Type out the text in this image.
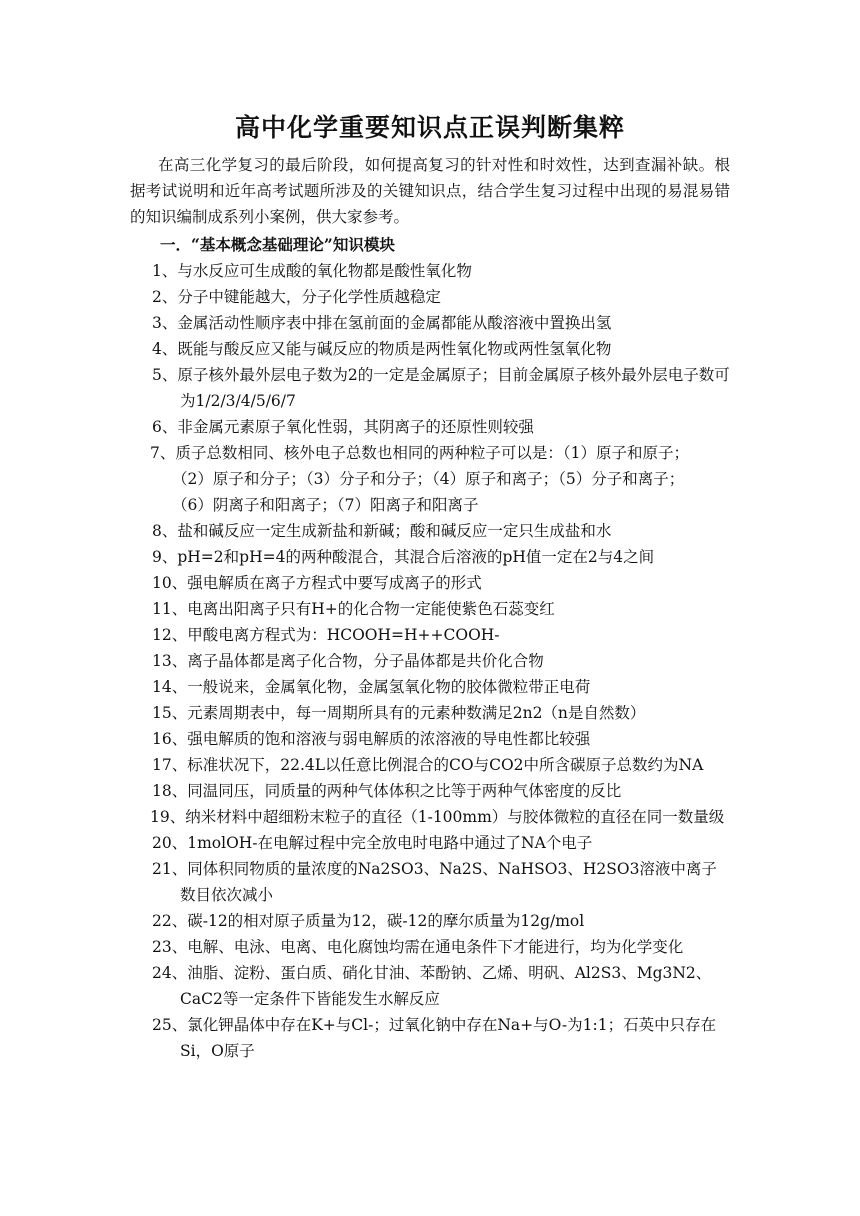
高中化学重要知识点正误判断集粹
在高三化学复习的最后阶段，如何提高复习的针对性和时效性，达到查漏补缺。根据考试说明和近年高考试题所涉及的关键知识点，结合学生复习过程中出现的易混易错的知识编制成系列小案例，供大家参考。
一．“基本概念基础理论”知识模块

1、与水反应可生成酸的氧化物都是酸性氧化物

2、分子中键能越大，分子化学性质越稳定

3、金属活动性顺序表中排在氢前面的金属都能从酸溶液中置换出氢

4、既能与酸反应又能与碱反应的物质是两性氧化物或两性氢氧化物

5、原子核外最外层电子数为2的一定是金属原子；目前金属原子核外最外层电子数可为1/2/3/4/5/6/7

6、非金属元素原子氧化性弱，其阴离子的还原性则较强

7、质子总数相同、核外电子总数也相同的两种粒子可以是：（1）原子和原子；

（2）原子和分子；（3）分子和分子；（4）原子和离子；（5）分子和离子；

（6）阴离子和阳离子；（7）阳离子和阳离子

8、盐和碱反应一定生成新盐和新碱；酸和碱反应一定只生成盐和水

9、pH=2和pH=4的两种酸混合，其混合后溶液的pH值一定在2与4之间

10、强电解质在离子方程式中要写成离子的形式

11、电离出阳离子只有H+的化合物一定能使紫色石蕊变红

12、甲酸电离方程式为：HCOOH=H++COOH-

13、离子晶体都是离子化合物，分子晶体都是共价化合物

14、一般说来，金属氧化物，金属氢氧化物的胶体微粒带正电荷

15、元素周期表中，每一周期所具有的元素种数满足2n2（n是自然数）

16、强电解质的饱和溶液与弱电解质的浓溶液的导电性都比较强

17、标准状况下，22.4L以任意比例混合的CO与CO2中所含碳原子总数约为NA

18、同温同压，同质量的两种气体体积之比等于两种气体密度的反比

19、纳米材料中超细粉末粒子的直径（1-100mm）与胶体微粒的直径在同一数量级

20、1molOH-在电解过程中完全放电时电路中通过了NA个电子

21、同体积同物质的量浓度的Na2SO3、Na2S、NaHSO3、H2SO3溶液中离子数目依次减小

22、碳-12的相对原子质量为12，碳-12的摩尔质量为12g/mol

23、电解、电泳、电离、电化腐蚀均需在通电条件下才能进行，均为化学变化

24、油脂、淀粉、蛋白质、硝化甘油、苯酚钠、乙烯、明矾、Al2S3、Mg3N2、CaC2等一定条件下皆能发生水解反应

25、氯化钾晶体中存在K+与Cl-；过氧化钠中存在Na+与O-为1:1；石英中只存在Si，O原子
